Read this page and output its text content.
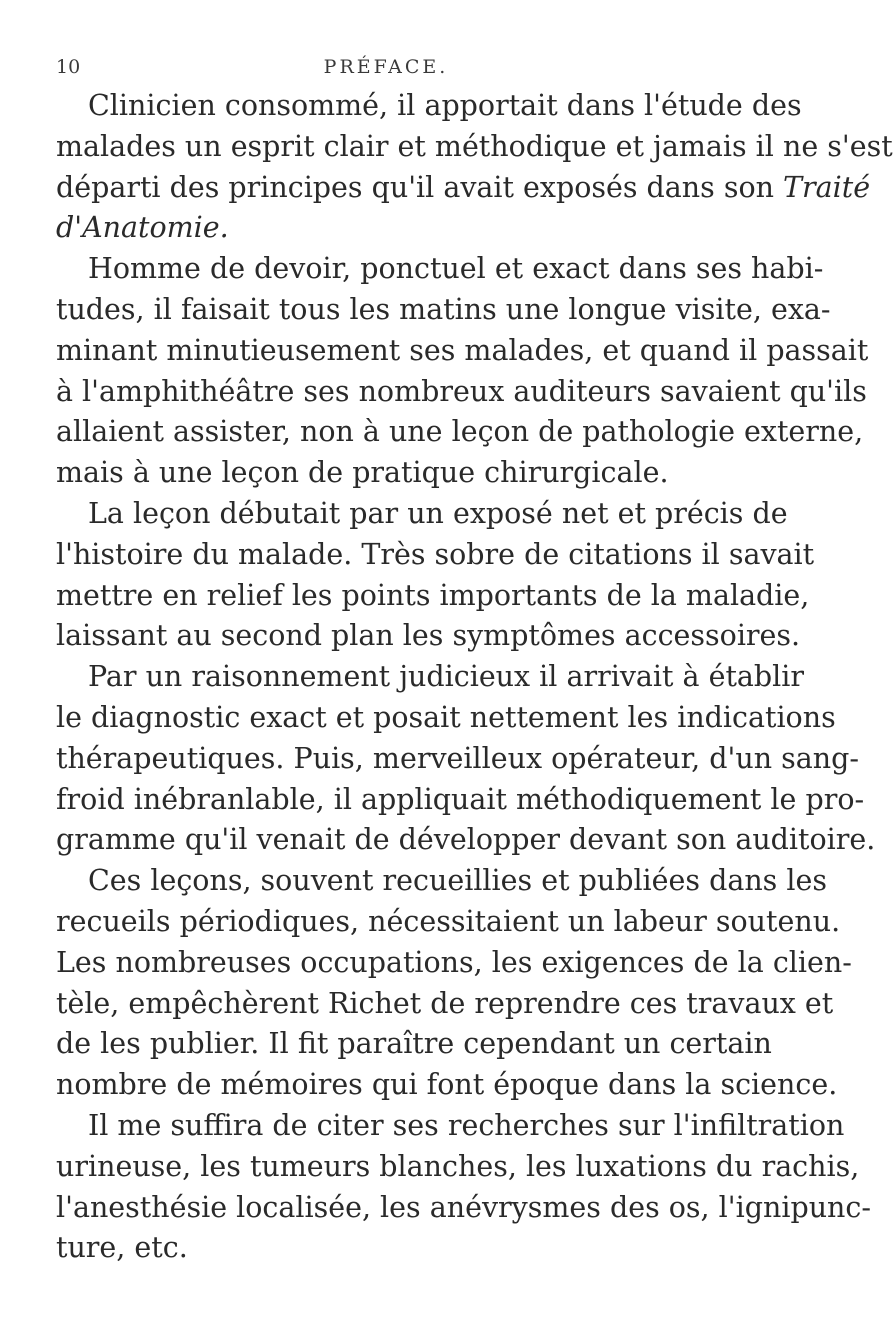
10	PRÉFACE.
Clinicien consommé, il apportait dans l'étude des
malades un esprit clair et méthodique et jamais il ne s'est
départi des principes qu'il avait exposés dans son Traité
d'Anatomie.
Homme de devoir, ponctuel et exact dans ses habi-
tudes, il faisait tous les matins une longue visite, exa-
minant minutieusement ses malades, et quand il passait
à l'amphithéâtre ses nombreux auditeurs savaient qu'ils
allaient assister, non à une leçon de pathologie externe,
mais à une leçon de pratique chirurgicale.
La leçon débutait par un exposé net et précis de
l'histoire du malade. Très sobre de citations il savait
mettre en relief les points importants de la maladie,
laissant au second plan les symptômes accessoires.
Par un raisonnement judicieux il arrivait à établir
le diagnostic exact et posait nettement les indications
thérapeutiques. Puis, merveilleux opérateur, d'un sang-
froid inébranlable, il appliquait méthodiquement le pro-
gramme qu'il venait de développer devant son auditoire.
Ces leçons, souvent recueillies et publiées dans les
recueils périodiques, nécessitaient un labeur soutenu.
Les nombreuses occupations, les exigences de la clien-
tèle, empêchèrent Richet de reprendre ces travaux et
de les publier. Il fit paraître cependant un certain
nombre de mémoires qui font époque dans la science.
Il me suffira de citer ses recherches sur l'infiltration
urineuse, les tumeurs blanches, les luxations du rachis,
l'anesthésie localisée, les anévrysmes des os, l'ignipunc-
ture, etc.
